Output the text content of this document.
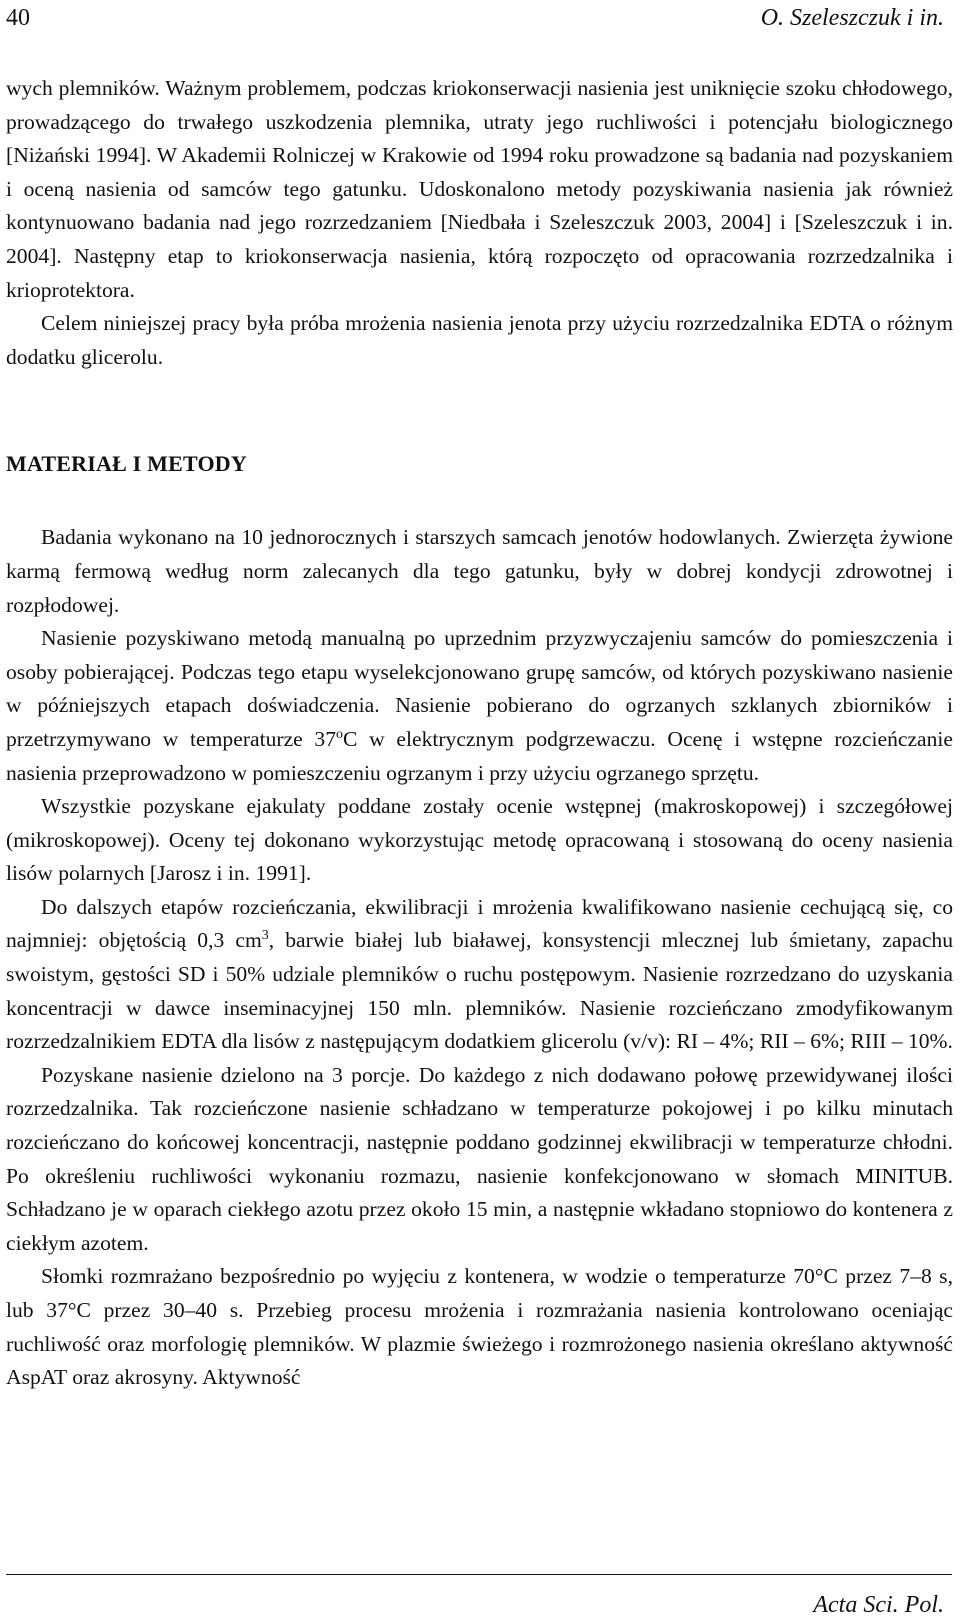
40	O. Szeleszczuk i in.

wych plemników. Ważnym problemem, podczas kriokonserwacji nasienia jest uniknięcie szoku chłodowego, prowadzącego do trwałego uszkodzenia plemnika, utraty jego ruchliwości i potencjału biologicznego [Niżański 1994]. W Akademii Rolniczej w Krakowie od 1994 roku prowadzone są badania nad pozyskaniem i oceną nasienia od samców tego gatunku. Udoskonalono metody pozyskiwania nasienia jak również kontynuowano badania nad jego rozrzedzaniem [Niedbała i Szeleszczuk 2003, 2004] i [Szeleszczuk i in. 2004]. Następny etap to kriokonserwacja nasienia, którą rozpoczęto od opracowania rozrzedzalnika i krioprotektora.

Celem niniejszej pracy była próba mrożenia nasienia jenota przy użyciu rozrzedzalnika EDTA o różnym dodatku glicerolu.

MATERIAŁ I METODY

Badania wykonano na 10 jednorocznych i starszych samcach jenotów hodowlanych. Zwierzęta żywione karmą fermową według norm zalecanych dla tego gatunku, były w dobrej kondycji zdrowotnej i rozpłodowej.

Nasienie pozyskiwano metodą manualną po uprzednim przyzwyczajeniu samców do pomieszczenia i osoby pobierającej. Podczas tego etapu wyselekcjonowano grupę samców, od których pozyskiwano nasienie w późniejszych etapach doświadczenia. Nasienie pobierano do ogrzanych szklanych zbiorników i przetrzymywano w temperaturze 37$^o$C w elektrycznym podgrzewaczu. Ocenę i wstępne rozcieńczanie nasienia przeprowadzono w pomieszczeniu ogrzanym i przy użyciu ogrzanego sprzętu.

Wszystkie pozyskane ejakulaty poddane zostały ocenie wstępnej (makroskopowej) i szczegółowej (mikroskopowej). Oceny tej dokonano wykorzystując metodę opracowaną i stosowaną do oceny nasienia lisów polarnych [Jarosz i in. 1991].

Do dalszych etapów rozcieńczania, ekwilibracji i mrożenia kwalifikowano nasienie cechującą się, co najmniej: objętością 0,3 $cm^3$, barwie białej lub białawej, konsystencji mlecznej lub śmietany, zapachu swoistym, gęstości SD i 50% udziale plemników o ruchu postępowym. Nasienie rozrzedzano do uzyskania koncentracji w dawce inseminacyjnej 150 mln. plemników. Nasienie rozcieńczano zmodyfikowanym rozrzedzalnikiem EDTA dla lisów z następującym dodatkiem glicerolu (v/v): RI – 4%; RII – 6%; RIII – 10%.

Pozyskane nasienie dzielono na 3 porcje. Do każdego z nich dodawano połowę przewidywanej ilości rozrzedzalnika. Tak rozcieńczone nasienie schładzano w temperaturze pokojowej i po kilku minutach rozcieńczano do końcowej koncentracji, następnie poddano godzinnej ekwilibracji w temperaturze chłodni. Po określeniu ruchliwości wykonaniu rozmazu, nasienie konfekcjonowano w słomach MINITUB. Schładzano je w oparach ciekłego azotu przez około 15 min, a następnie wkładano stopniowo do kontenera z ciekłym azotem.

Słomki rozmrażano bezpośrednio po wyjęciu z kontenera, w wodzie o temperaturze 70°C przez 7–8 s, lub 37°C przez 30–40 s. Przebieg procesu mrożenia i rozmrażania nasienia kontrolowano oceniając ruchliwość oraz morfologię plemników. W plazmie świeżego i rozmrożonego nasienia określano aktywność AspAT oraz akrosyny. Aktywność

Acta Sci. Pol.
